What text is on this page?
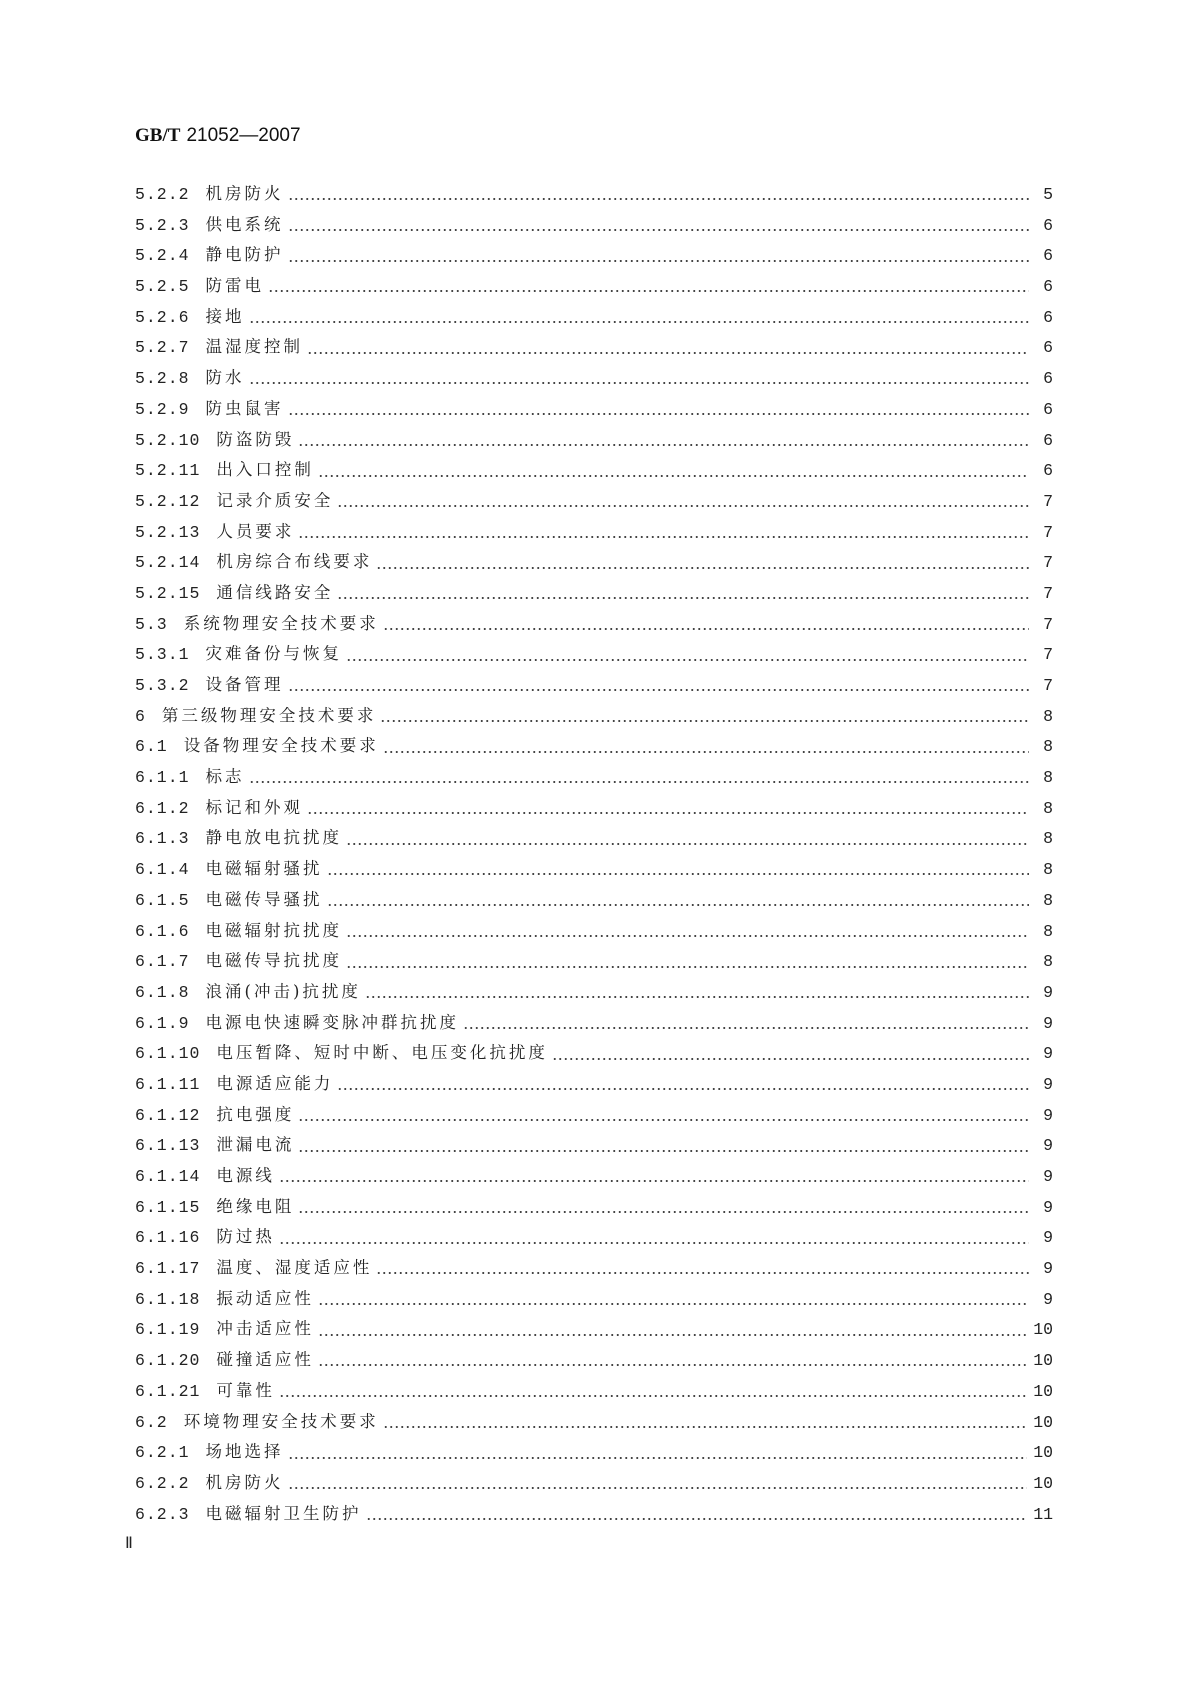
GB/T 21052—2007
5.2.2 机房防火	5
5.2.3 供电系统	6
5.2.4 静电防护	6
5.2.5 防雷电	6
5.2.6 接地	6
5.2.7 温湿度控制	6
5.2.8 防水	6
5.2.9 防虫鼠害	6
5.2.10 防盗防毁	6
5.2.11 出入口控制	6
5.2.12 记录介质安全	7
5.2.13 人员要求	7
5.2.14 机房综合布线要求	7
5.2.15 通信线路安全	7
5.3 系统物理安全技术要求	7
5.3.1 灾难备份与恢复	7
5.3.2 设备管理	7
6 第三级物理安全技术要求	8
6.1 设备物理安全技术要求	8
6.1.1 标志	8
6.1.2 标记和外观	8
6.1.3 静电放电抗扰度	8
6.1.4 电磁辐射骚扰	8
6.1.5 电磁传导骚扰	8
6.1.6 电磁辐射抗扰度	8
6.1.7 电磁传导抗扰度	8
6.1.8 浪涌(冲击)抗扰度	9
6.1.9 电源电快速瞬变脉冲群抗扰度	9
6.1.10 电压暂降、短时中断、电压变化抗扰度	9
6.1.11 电源适应能力	9
6.1.12 抗电强度	9
6.1.13 泄漏电流	9
6.1.14 电源线	9
6.1.15 绝缘电阻	9
6.1.16 防过热	9
6.1.17 温度、湿度适应性	9
6.1.18 振动适应性	9
6.1.19 冲击适应性	10
6.1.20 碰撞适应性	10
6.1.21 可靠性	10
6.2 环境物理安全技术要求	10
6.2.1 场地选择	10
6.2.2 机房防火	10
6.2.3 电磁辐射卫生防护	11
Ⅱ
